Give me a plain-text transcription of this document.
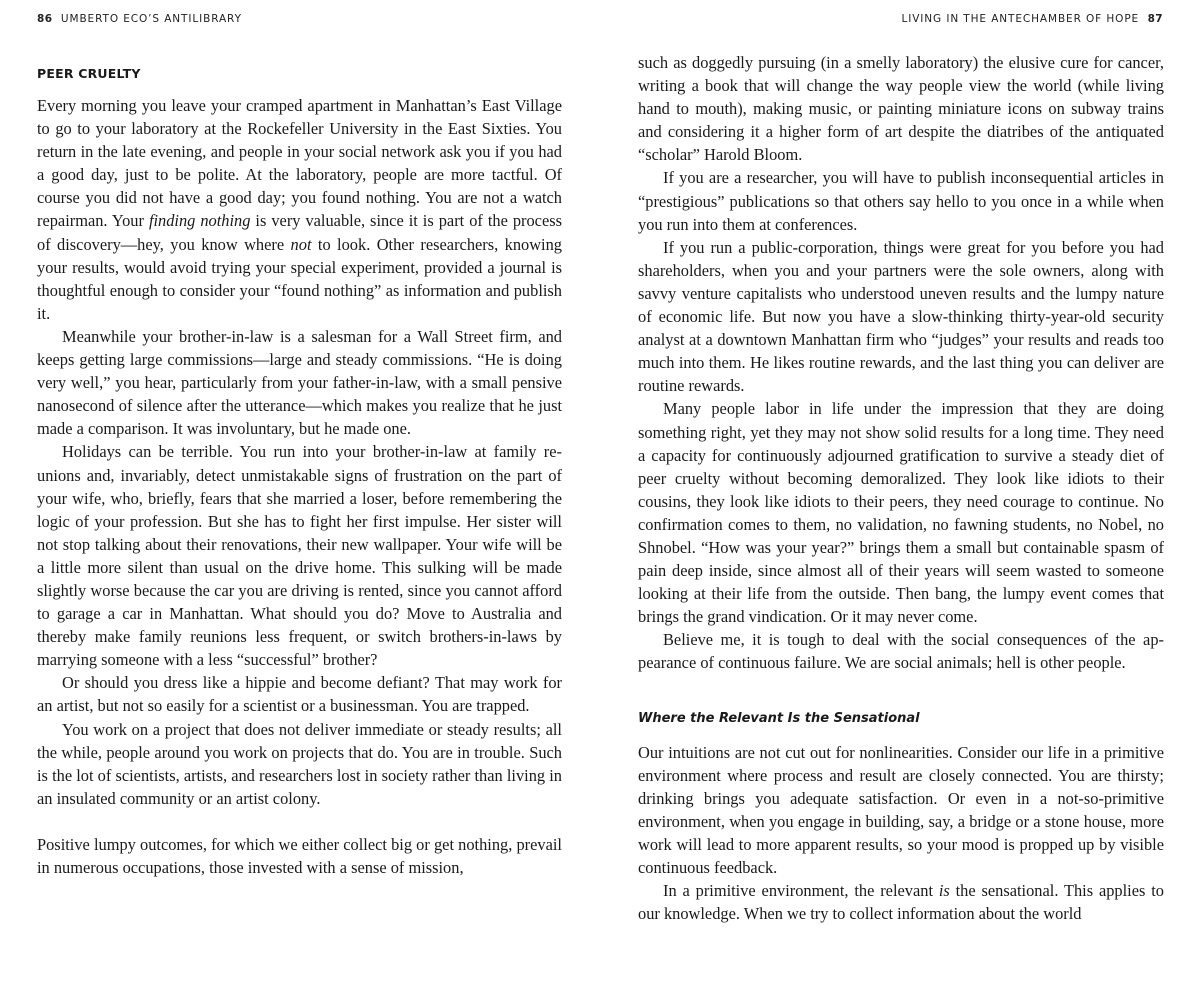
86 UMBERTO ECO’S ANTILIBRARY
PEER CRUELTY

Every morning you leave your cramped apartment in Manhattan’s East Village to go to your laboratory at the Rockefeller University in the East Sixties. You return in the late evening, and people in your social network ask you if you had a good day, just to be polite. At the laboratory, people are more tactful. Of course you did not have a good day; you found nothing. You are not a watch repairman. Your finding nothing is very valuable, since it is part of the process of discovery—hey, you know where not to look. Other researchers, knowing your results, would avoid trying your special experiment, provided a journal is thoughtful enough to consider your “found nothing” as information and publish it.

Meanwhile your brother-in-law is a salesman for a Wall Street firm, and keeps getting large commissions—large and steady commissions. “He is doing very well,” you hear, particularly from your father-in-law, with a small pensive nanosecond of silence after the utterance—which makes you realize that he just made a comparison. It was involuntary, but he made one.

Holidays can be terrible. You run into your brother-in-law at family reunions and, invariably, detect unmistakable signs of frustration on the part of your wife, who, briefly, fears that she married a loser, before remembering the logic of your profession. But she has to fight her first impulse. Her sister will not stop talking about their renovations, their new wallpaper. Your wife will be a little more silent than usual on the drive home. This sulking will be made slightly worse because the car you are driving is rented, since you cannot afford to garage a car in Manhattan. What should you do? Move to Australia and thereby make family reunions less frequent, or switch brothers-in-laws by marrying someone with a less “successful” brother?

Or should you dress like a hippie and become defiant? That may work for an artist, but not so easily for a scientist or a businessman. You are trapped.

You work on a project that does not deliver immediate or steady results; all the while, people around you work on projects that do. You are in trouble. Such is the lot of scientists, artists, and researchers lost in society rather than living in an insulated community or an artist colony.

Positive lumpy outcomes, for which we either collect big or get nothing, prevail in numerous occupations, those invested with a sense of mission,

LIVING IN THE ANTECHAMBER OF HOPE 87

such as doggedly pursuing (in a smelly laboratory) the elusive cure for cancer, writing a book that will change the way people view the world (while living hand to mouth), making music, or painting miniature icons on subway trains and considering it a higher form of art despite the diatribes of the antiquated “scholar” Harold Bloom.

If you are a researcher, you will have to publish inconsequential articles in “prestigious” publications so that others say hello to you once in a while when you run into them at conferences.

If you run a public-corporation, things were great for you before you had shareholders, when you and your partners were the sole owners, along with savvy venture capitalists who understood uneven results and the lumpy nature of economic life. But now you have a slow-thinking thirty-year-old security analyst at a downtown Manhattan firm who “judges” your results and reads too much into them. He likes routine rewards, and the last thing you can deliver are routine rewards.

Many people labor in life under the impression that they are doing something right, yet they may not show solid results for a long time. They need a capacity for continuously adjourned gratification to survive a steady diet of peer cruelty without becoming demoralized. They look like idiots to their cousins, they look like idiots to their peers, they need courage to continue. No confirmation comes to them, no validation, no fawning students, no Nobel, no Shnobel. “How was your year?” brings them a small but containable spasm of pain deep inside, since almost all of their years will seem wasted to someone looking at their life from the outside. Then bang, the lumpy event comes that brings the grand vindication. Or it may never come.

Believe me, it is tough to deal with the social consequences of the appearance of continuous failure. We are social animals; hell is other people.

Where the Relevant Is the Sensational

Our intuitions are not cut out for nonlinearities. Consider our life in a primitive environment where process and result are closely connected. You are thirsty; drinking brings you adequate satisfaction. Or even in a not-so-primitive environment, when you engage in building, say, a bridge or a stone house, more work will lead to more apparent results, so your mood is propped up by visible continuous feedback.

In a primitive environment, the relevant is the sensational. This applies to our knowledge. When we try to collect information about the world
